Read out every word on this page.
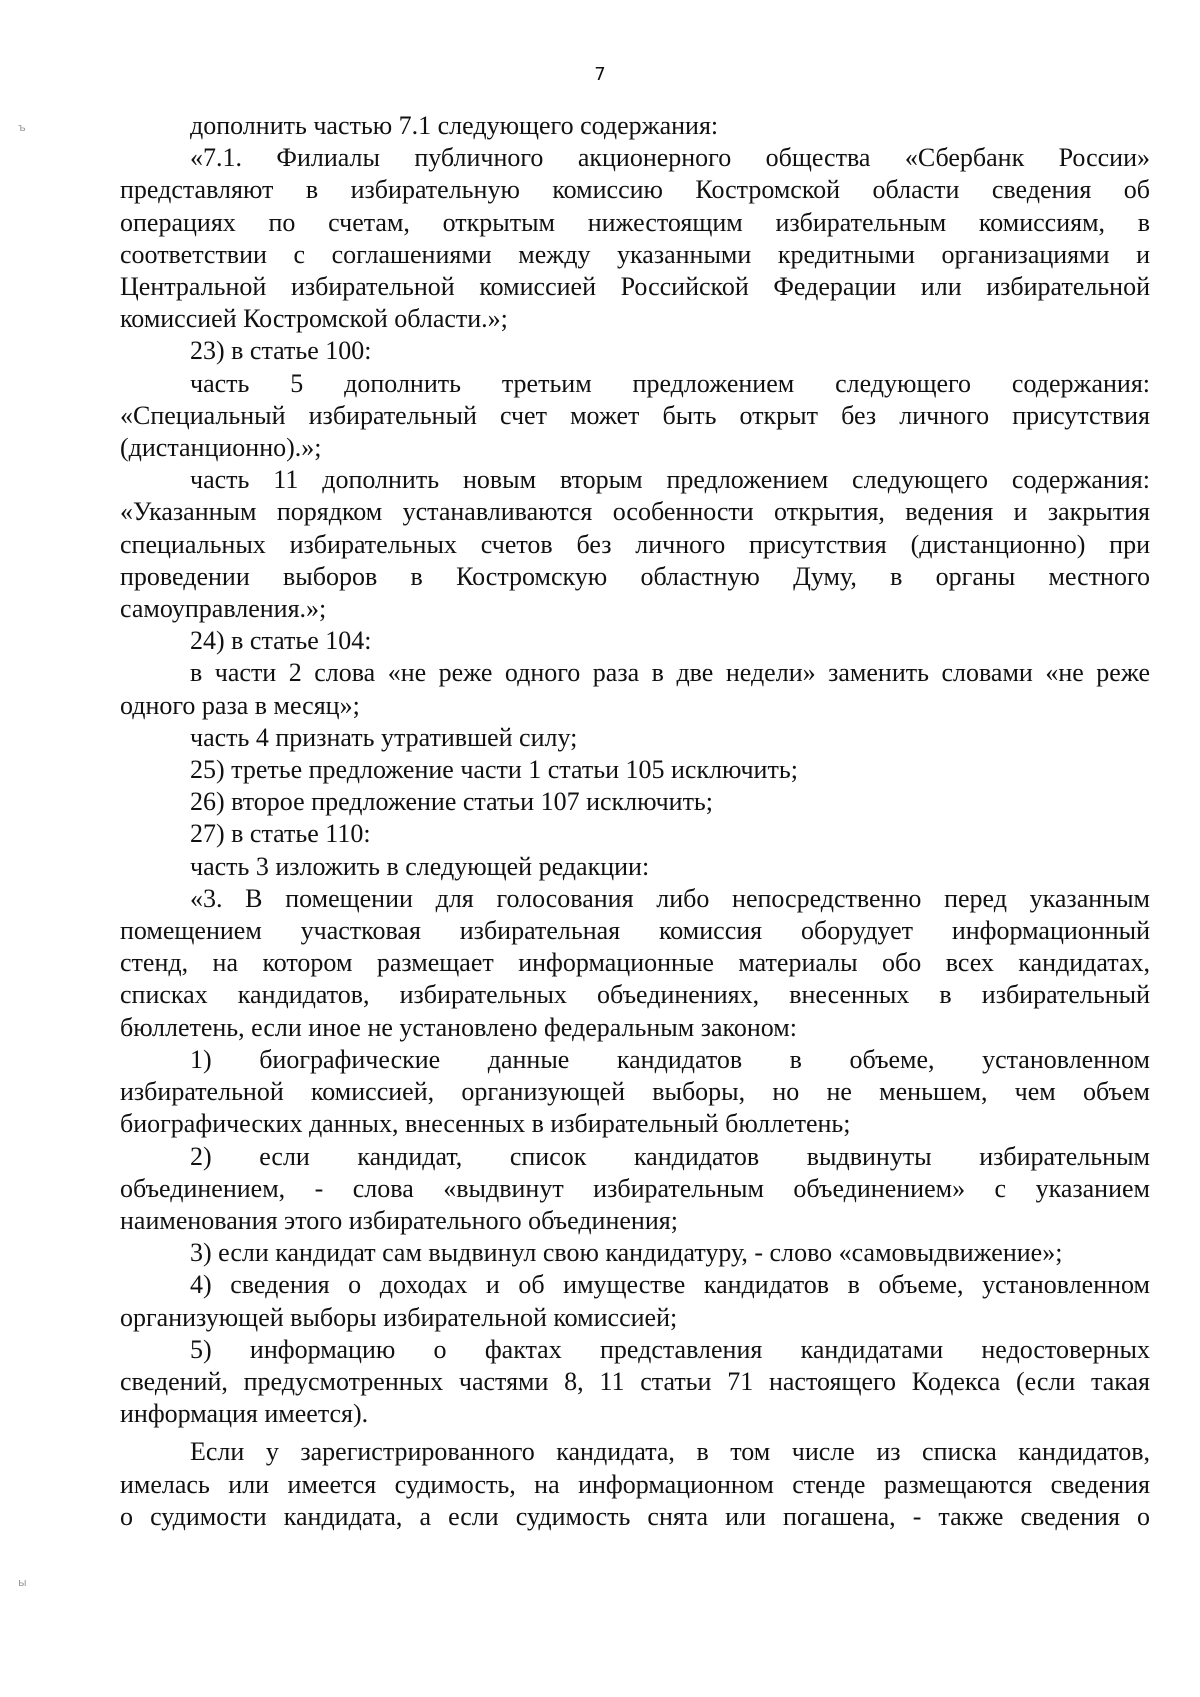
7
ъ
ы

дополнить частью 7.1 следующего содержания:

«7.1. Филиалы публичного акционерного общества «Сбербанк России»
представляют в избирательную комиссию Костромской области сведения об
операциях по счетам, открытым нижестоящим избирательным комиссиям, в
соответствии с соглашениями между указанными кредитными организациями и
Центральной избирательной комиссией Российской Федерации или избирательной
комиссией Костромской области.»;

23) в статье 100:

часть 5 дополнить третьим предложением следующего содержания:
«Специальный избирательный счет может быть открыт без личного присутствия
(дистанционно).»;

часть 11 дополнить новым вторым предложением следующего содержания:
«Указанным порядком устанавливаются особенности открытия, ведения и закрытия
специальных избирательных счетов без личного присутствия (дистанционно) при
проведении выборов в Костромскую областную Думу, в органы местного
самоуправления.»;

24) в статье 104:

в части 2 слова «не реже одного раза в две недели» заменить словами «не реже
одного раза в месяц»;

часть 4 признать утратившей силу;

25) третье предложение части 1 статьи 105 исключить;

26) второе предложение статьи 107 исключить;

27) в статье 110:

часть 3 изложить в следующей редакции:

«3. В помещении для голосования либо непосредственно перед указанным
помещением участковая избирательная комиссия оборудует информационный
стенд, на котором размещает информационные материалы обо всех кандидатах,
списках кандидатов, избирательных объединениях, внесенных в избирательный
бюллетень, если иное не установлено федеральным законом:

1) биографические данные кандидатов в объеме, установленном
избирательной комиссией, организующей выборы, но не меньшем, чем объем
биографических данных, внесенных в избирательный бюллетень;

2) если кандидат, список кандидатов выдвинуты избирательным
объединением, - слова «выдвинут избирательным объединением» с указанием
наименования этого избирательного объединения;

3) если кандидат сам выдвинул свою кандидатуру, - слово «самовыдвижение»;

4) сведения о доходах и об имуществе кандидатов в объеме, установленном
организующей выборы избирательной комиссией;

5) информацию о фактах представления кандидатами недостоверных
сведений, предусмотренных частями 8, 11 статьи 71 настоящего Кодекса (если такая
информация имеется).

Если у зарегистрированного кандидата, в том числе из списка кандидатов,
имелась или имеется судимость, на информационном стенде размещаются сведения
о судимости кандидата, а если судимость снята или погашена, - также сведения о
